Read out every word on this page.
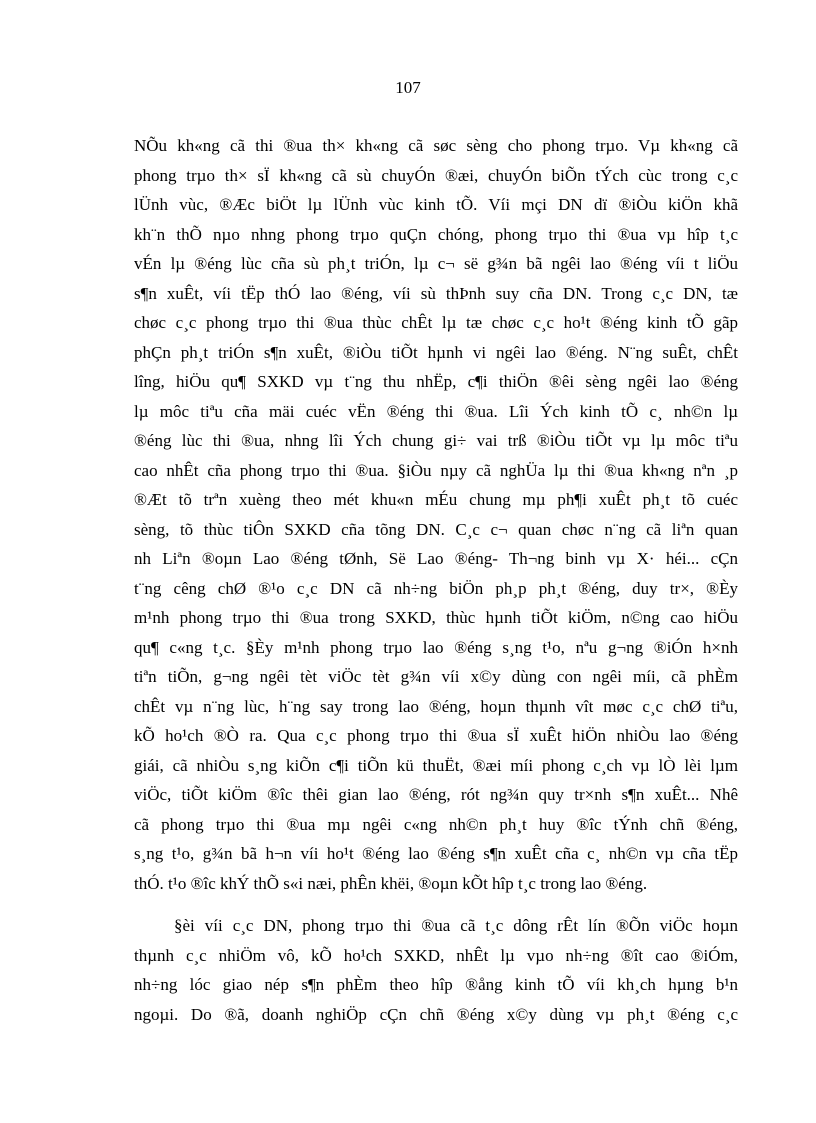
107
NÕu kh«ng cã thi ®ua th× kh«ng cã søc sèng cho phong trµo. Vµ kh«ng cã
phong trµo th× sÏ kh«ng cã sù chuyÓn ®æi, chuyÓn biÕn tÝch cùc trong c¸c
lÜnh vùc, ®Æc biÖt lµ lÜnh vùc kinh tÕ. Víi mçi DN dï ®iÒu kiÖn khã
kh¨n thÕ nµo nhng phong trµo quÇn chóng, phong trµo thi ®ua vµ hîp t¸c
vÉn lµ ®éng lùc cña sù ph¸t triÓn, lµ c¬ së g¾n bã ngêi lao ®éng víi t liÖu
s¶n xuÊt, víi tËp thÓ lao ®éng, víi sù thÞnh suy cña DN. Trong c¸c DN, tæ
chøc c¸c phong trµo thi ®ua thùc chÊt lµ tæ chøc c¸c ho¹t ®éng kinh tÕ gãp
phÇn ph¸t triÓn s¶n xuÊt, ®iÒu tiÕt hµnh vi ngêi lao ®éng. N¨ng suÊt, chÊt
lîng, hiÖu qu¶ SXKD vµ t¨ng thu nhËp, c¶i thiÖn ®êi sèng ngêi lao ®éng
lµ môc tiªu cña mäi cuéc vËn ®éng thi ®ua. Lîi Ých kinh tÕ c¸ nh©n lµ
®éng lùc thi ®ua, nhng lîi Ých chung gi÷ vai trß ®iÒu tiÕt vµ lµ môc tiªu
cao nhÊt cña phong trµo thi ®ua. §iÒu nµy cã nghÜa lµ thi ®ua kh«ng nªn ¸p
®Æt tõ trªn xuèng theo mét khu«n mÉu chung mµ ph¶i xuÊt ph¸t tõ cuéc
sèng, tõ thùc tiÔn SXKD cña tõng DN. C¸c c¬ quan chøc n¨ng cã liªn quan
nh Liªn ®oµn Lao ®éng tØnh, Së Lao ®éng- Th¬ng binh vµ X· héi... cÇn
t¨ng cêng chØ ®¹o c¸c DN cã nh÷ng biÖn ph¸p ph¸t ®éng, duy tr×, ®Èy
m¹nh phong trµo thi ®ua trong SXKD, thùc hµnh tiÕt kiÖm, n©ng cao hiÖu
qu¶ c«ng t¸c. §Èy m¹nh phong trµo lao ®éng s¸ng t¹o, nªu g¬ng ®iÓn h×nh
tiªn tiÕn, g¬ng ngêi tèt viÖc tèt g¾n víi x©y dùng con ngêi míi, cã phÈm
chÊt vµ n¨ng lùc, h¨ng say trong lao ®éng, hoµn thµnh vît møc c¸c chØ tiªu,
kÕ ho¹ch ®Ò ra. Qua c¸c phong trµo thi ®ua sÏ xuÊt hiÖn nhiÒu lao ®éng
giái, cã nhiÒu s¸ng kiÕn c¶i tiÕn kü thuËt, ®æi míi phong c¸ch vµ lÒ lèi lµm
viÖc, tiÕt kiÖm ®îc thêi gian lao ®éng, rót ng¾n quy tr×nh s¶n xuÊt... Nhê
cã phong trµo thi ®ua mµ ngêi c«ng nh©n ph¸t huy ®îc tÝnh chñ ®éng,
s¸ng t¹o, g¾n bã h¬n víi ho¹t ®éng lao ®éng s¶n xuÊt cña c¸ nh©n vµ cña tËp
thÓ. t¹o ®îc khÝ thÕ s«i næi, phÊn khëi, ®oµn kÕt hîp t¸c trong lao ®éng.
§èi víi c¸c DN, phong trµo thi ®ua cã t¸c dông rÊt lín ®Õn viÖc hoµn
thµnh c¸c nhiÖm vô, kÕ ho¹ch SXKD, nhÊt lµ vµo nh÷ng ®ît cao ®iÓm,
nh÷ng lóc giao nép s¶n phÈm theo hîp ®ång kinh tÕ víi kh¸ch hµng b¹n
ngoµi. Do ®ã, doanh nghiÖp cÇn chñ ®éng x©y dùng vµ ph¸t ®éng c¸c
